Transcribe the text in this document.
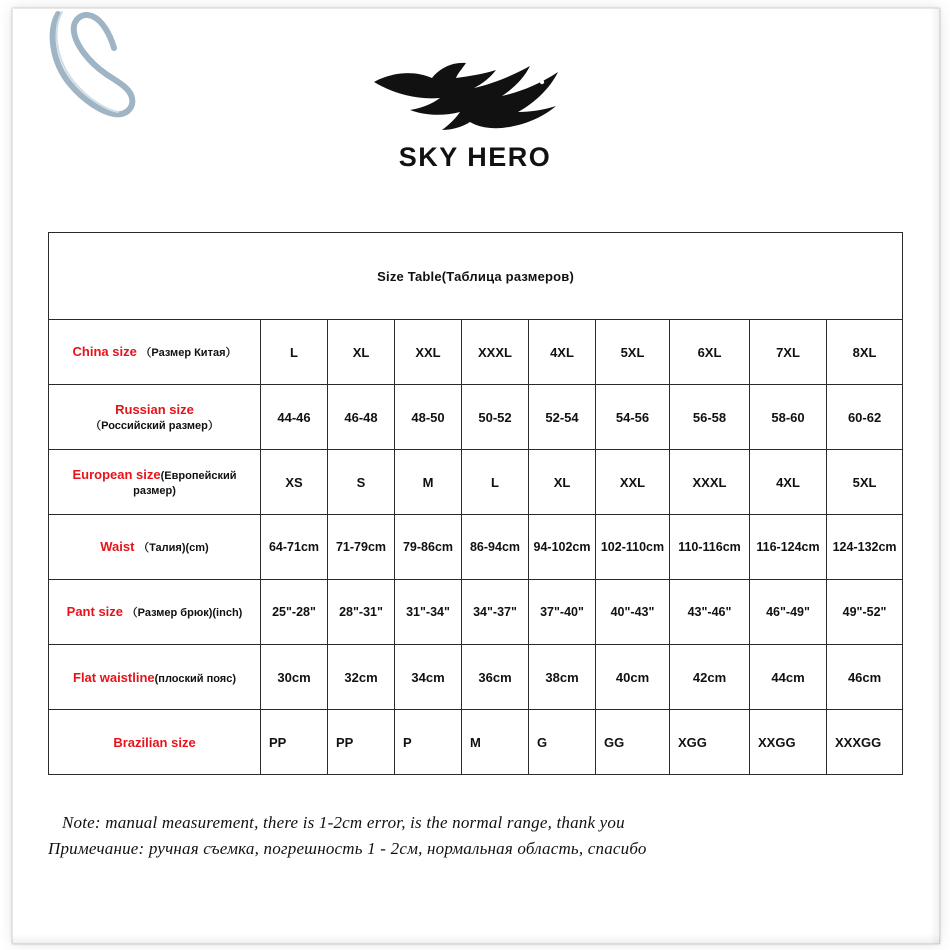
SKY HERO
Size Table(Таблица размеров)									
China size （Размер Китая）	L	XL	XXL	XXXL	4XL	5XL	6XL	7XL	8XL
Russian size （Российский размер）	44-46	46-48	48-50	50-52	52-54	54-56	56-58	58-60	60-62
European size(Европейский размер)	XS	S	M	L	XL	XXL	XXXL	4XL	5XL
Waist （Талия)(cm)	64-71cm	71-79cm	79-86cm	86-94cm	94-102cm	102-110cm	110-116cm	116-124cm	124-132cm
Pant size （Размер брюк)(inch)	25"-28"	28"-31"	31"-34"	34"-37"	37"-40"	40"-43"	43"-46"	46"-49"	49"-52"
Flat waistline(плоский пояс)	30cm	32cm	34cm	36cm	38cm	40cm	42cm	44cm	46cm
Brazilian size	PP	PP	P	M	G	GG	XGG	XXGG	XXXGG
Note: manual measurement, there is 1-2cm error, is the normal range, thank you
Примечание: ручная съемка, погрешность 1 - 2см, нормальная область, спасибо
